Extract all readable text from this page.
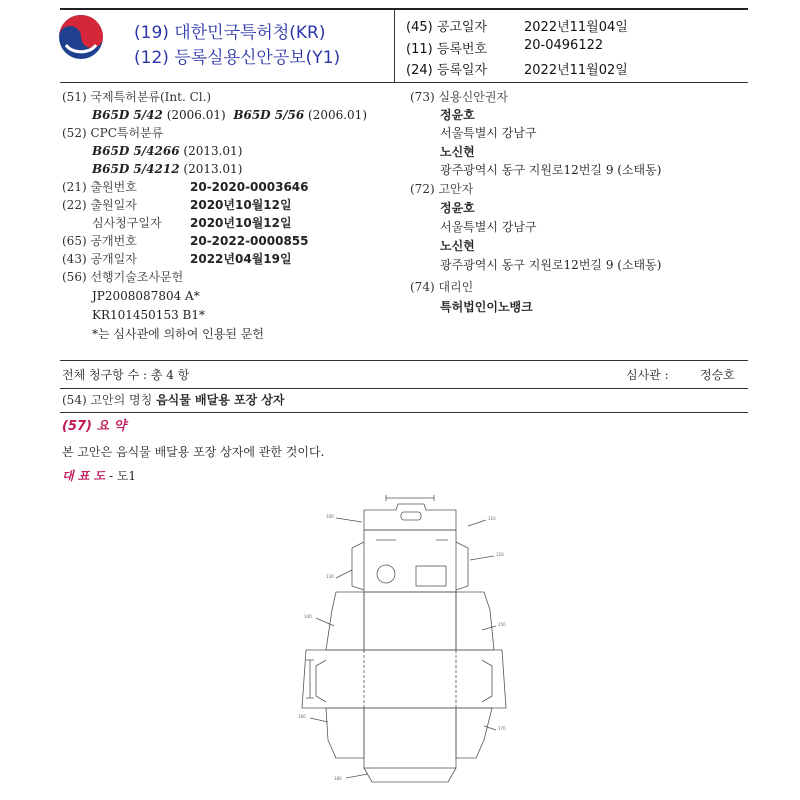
(19) 대한민국특허청(KR)
(12) 등록실용신안공보(Y1)
(45) 공고일자	2022년11월04일
(11) 등록번호	20-0496122
(24) 등록일자	2022년11월02일
(51) 국제특허분류(Int. Cl.)
B65D 5/42 (2006.01) B65D 5/56 (2006.01)
(52) CPC특허분류
B65D 5/4266 (2013.01)
B65D 5/4212 (2013.01)
(21) 출원번호	20-2020-0003646
(22) 출원일자	2020년10월12일
심사청구일자 2020년10월12일
(65) 공개번호	20-2022-0000855
(43) 공개일자	2022년04월19일
(56) 선행기술조사문헌
JP2008087804 A*
KR101450153 B1*
*는 심사관에 의하여 인용된 문헌
(73) 실용신안권자
정윤호
서울특별시 강남구
노신현
광주광역시 동구 지원로12번길 9 (소태동)
(72) 고안자
정윤호
서울특별시 강남구
노신현
광주광역시 동구 지원로12번길 9 (소태동)
(74) 대리인
특허법인이노뱅크
전체 청구항 수 : 총 4 항	심사관 :	정승호
(54) 고안의 명칭 음식물 배달용 포장 상자
(57) 요 약
본 고안은 음식물 배달용 포장 상자에 관한 것이다.
대 표 도 - 도1
100	110
120
130
140
150
160
170
180
